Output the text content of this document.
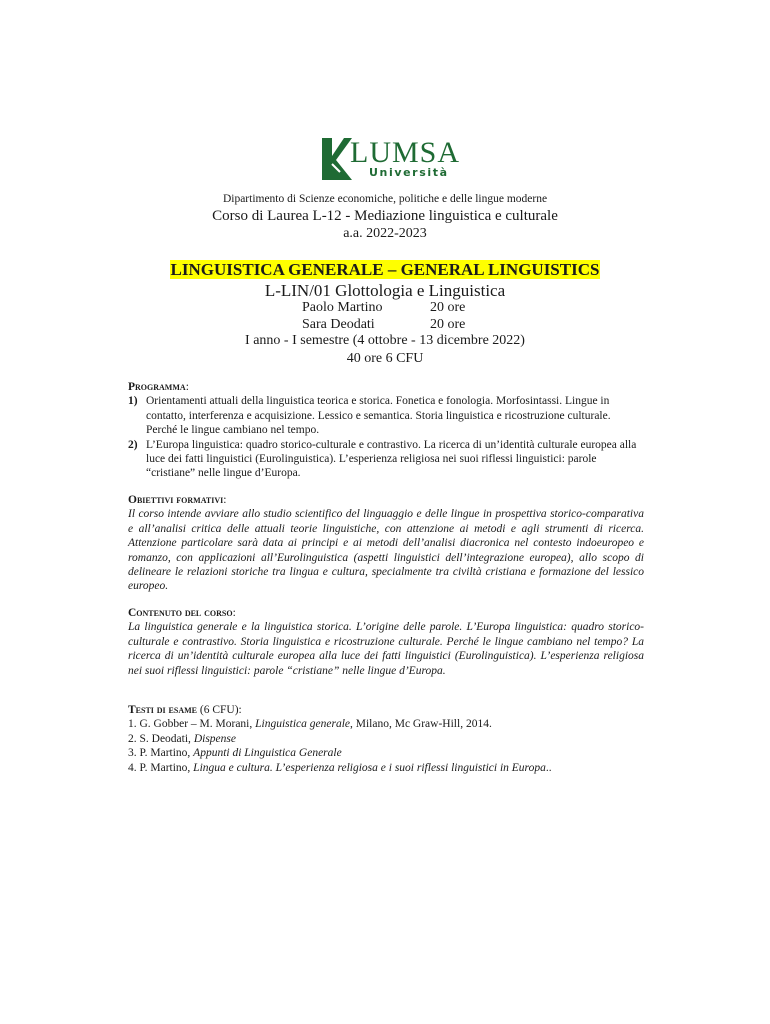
LUMSA
Università
Dipartimento di Scienze economiche, politiche e delle lingue moderne
Corso di Laurea L-12 - Mediazione linguistica e culturale
a.a. 2022-2023
LINGUISTICA GENERALE – GENERAL LINGUISTICS
L-LIN/01 Glottologia e Linguistica
Paolo Martino	20 ore
Sara Deodati	20 ore
I anno - I semestre (4 ottobre - 13 dicembre 2022)
40 ore 6 CFU
Programma:
1) Orientamenti attuali della linguistica teorica e storica. Fonetica e fonologia. Morfosintassi. Lingue in contatto, interferenza e acquisizione. Lessico e semantica. Storia linguistica e ricostruzione culturale. Perché le lingue cambiano nel tempo.
2) L’Europa linguistica: quadro storico-culturale e contrastivo. La ricerca di un’identità culturale europea alla luce dei fatti linguistici (Eurolinguistica). L’esperienza religiosa nei suoi riflessi linguistici: parole “cristiane” nelle lingue d’Europa.
Obiettivi formativi:
Il corso intende avviare allo studio scientifico del linguaggio e delle lingue in prospettiva storico-comparativa e all’analisi critica delle attuali teorie linguistiche, con attenzione ai metodi e agli strumenti di ricerca. Attenzione particolare sarà data ai principi e ai metodi dell’analisi diacronica nel contesto indoeuropeo e romanzo, con applicazioni all’Eurolinguistica (aspetti linguistici dell’integrazione europea), allo scopo di delineare le relazioni storiche tra lingua e cultura, specialmente tra civiltà cristiana e formazione del lessico europeo.
Contenuto del corso:
La linguistica generale e la linguistica storica. L’origine delle parole. L’Europa linguistica: quadro storico-culturale e contrastivo. Storia linguistica e ricostruzione culturale. Perché le lingue cambiano nel tempo? La ricerca di un’identità culturale europea alla luce dei fatti linguistici (Eurolinguistica). L’esperienza religiosa nei suoi riflessi linguistici: parole “cristiane” nelle lingue d’Europa.
Testi di esame (6 CFU):
1. G. Gobber – M. Morani, Linguistica generale, Milano, Mc Graw-Hill, 2014.
2. S. Deodati, Dispense
3. P. Martino, Appunti di Linguistica Generale
4. P. Martino, Lingua e cultura. L’esperienza religiosa e i suoi riflessi linguistici in Europa..
